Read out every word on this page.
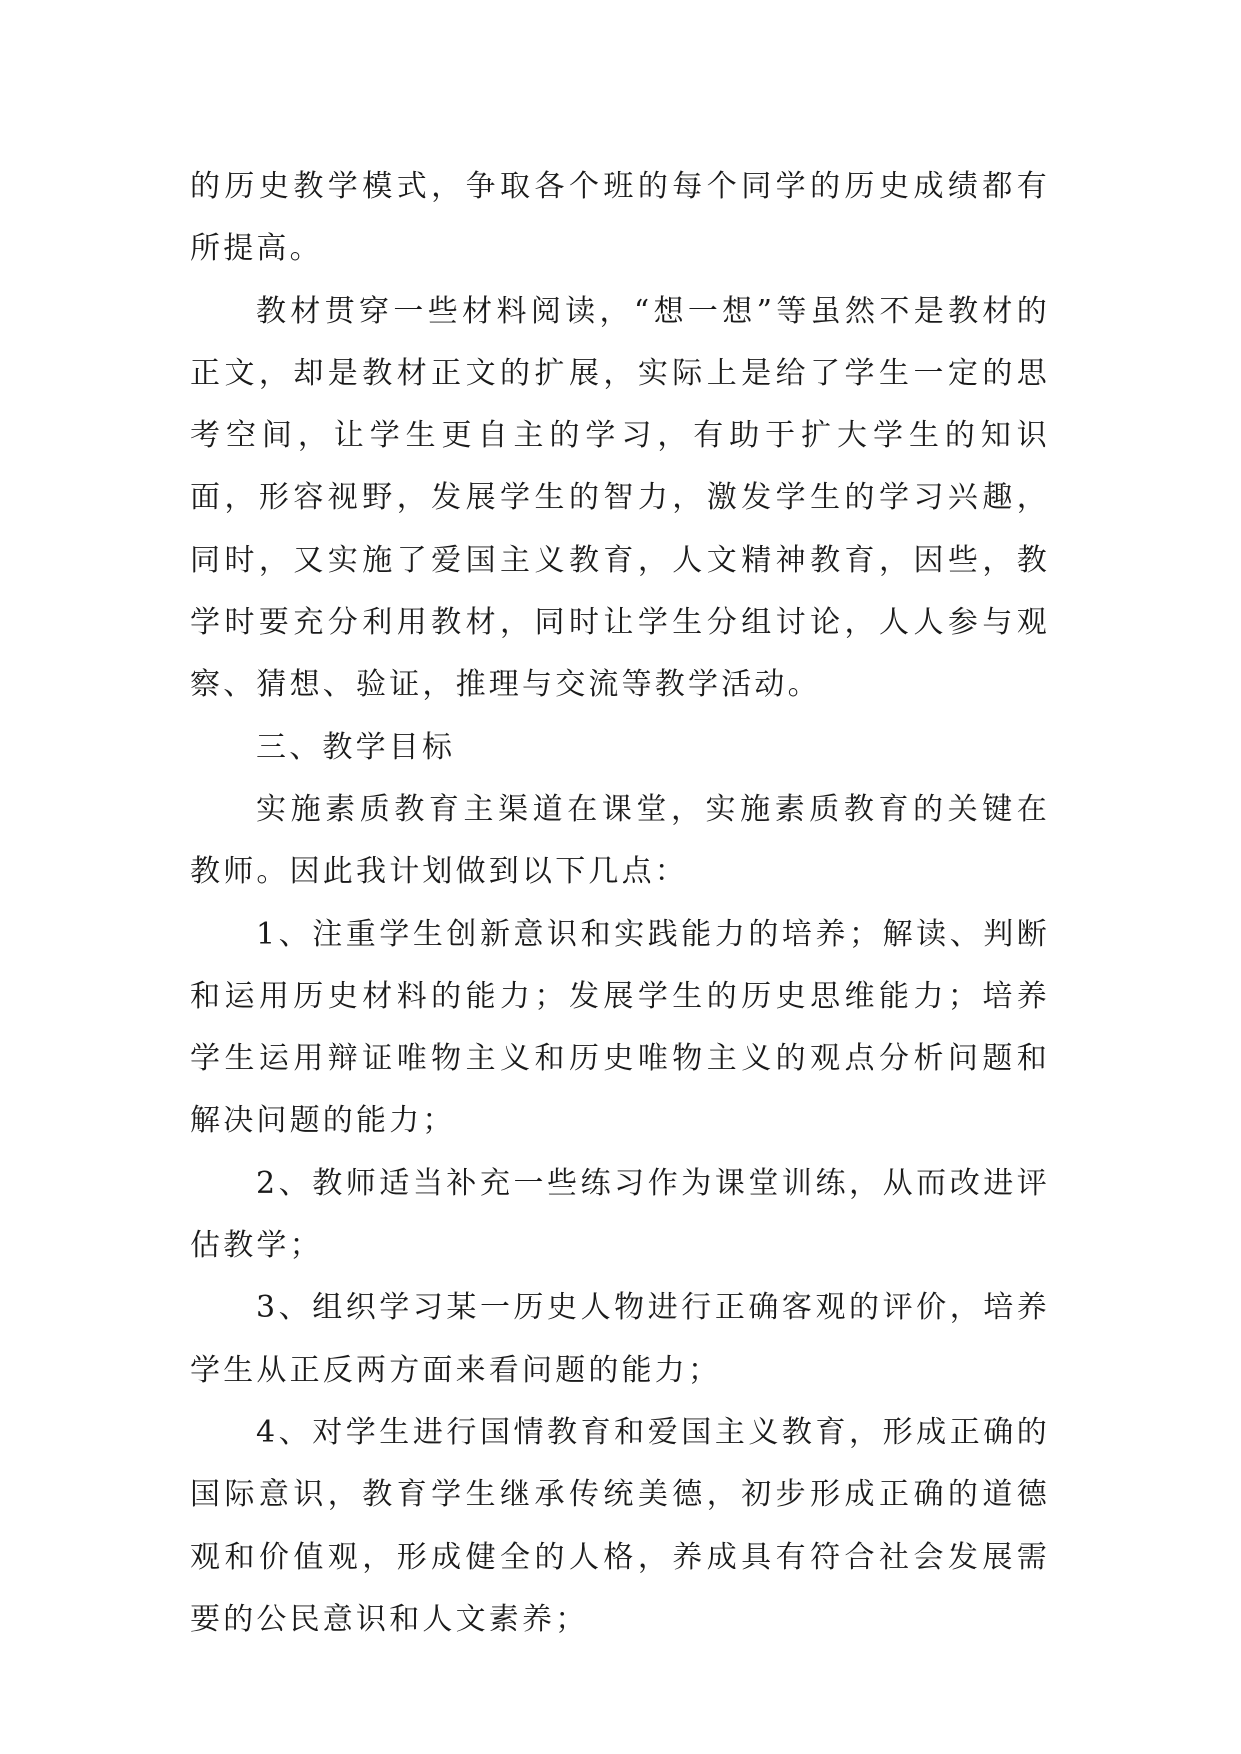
的历史教学模式，争取各个班的每个同学的历史成绩都有所提高。

教材贯穿一些材料阅读，“想一想”等虽然不是教材的正文，却是教材正文的扩展，实际上是给了学生一定的思考空间，让学生更自主的学习，有助于扩大学生的知识面，形容视野，发展学生的智力，激发学生的学习兴趣，同时，又实施了爱国主义教育，人文精神教育，因些，教学时要充分利用教材，同时让学生分组讨论，人人参与观察、猜想、验证，推理与交流等教学活动。

三、教学目标

实施素质教育主渠道在课堂，实施素质教育的关键在教师。因此我计划做到以下几点：

1、注重学生创新意识和实践能力的培养；解读、判断和运用历史材料的能力；发展学生的历史思维能力；培养学生运用辩证唯物主义和历史唯物主义的观点分析问题和解决问题的能力；

2、教师适当补充一些练习作为课堂训练，从而改进评估教学；

3、组织学习某一历史人物进行正确客观的评价，培养学生从正反两方面来看问题的能力；

4、对学生进行国情教育和爱国主义教育，形成正确的国际意识，教育学生继承传统美德，初步形成正确的道德观和价值观，形成健全的人格，养成具有符合社会发展需要的公民意识和人文素养；
